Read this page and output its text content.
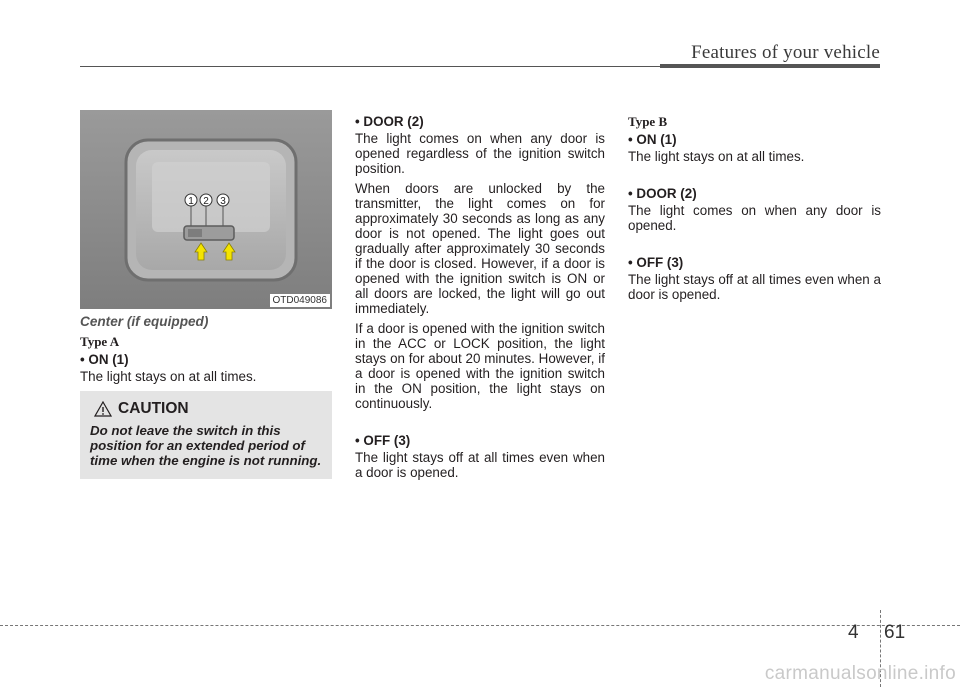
Features of your vehicle
1 2 3
OTD049086

Center (if equipped)

Type A

• ON (1)

The light stays on at all times.

CAUTION
Do not leave the switch in this position for an extended period of time when the engine is not running.

• DOOR (2)

The light comes on when any door is opened regardless of the ignition switch position.

When doors are unlocked by the transmitter, the light comes on for approximately 30 seconds as long as any door is not opened. The light goes out gradually after approximately 30 seconds if the door is closed. However, if a door is opened with the ignition switch is ON or all doors are locked, the light will go out immediately.

If a door is opened with the ignition switch in the ACC or LOCK position, the light stays on for about 20 minutes. However, if a door is opened with the ignition switch in the ON position, the light stays on continuously.

• OFF (3)

The light stays off at all times even when a door is opened.

Type B

• ON (1)

The light stays on at all times.

• DOOR (2)

The light comes on when any door is opened.

• OFF (3)

The light stays off at all times even when a door is opened.

4 61
carmanualsonline.info
